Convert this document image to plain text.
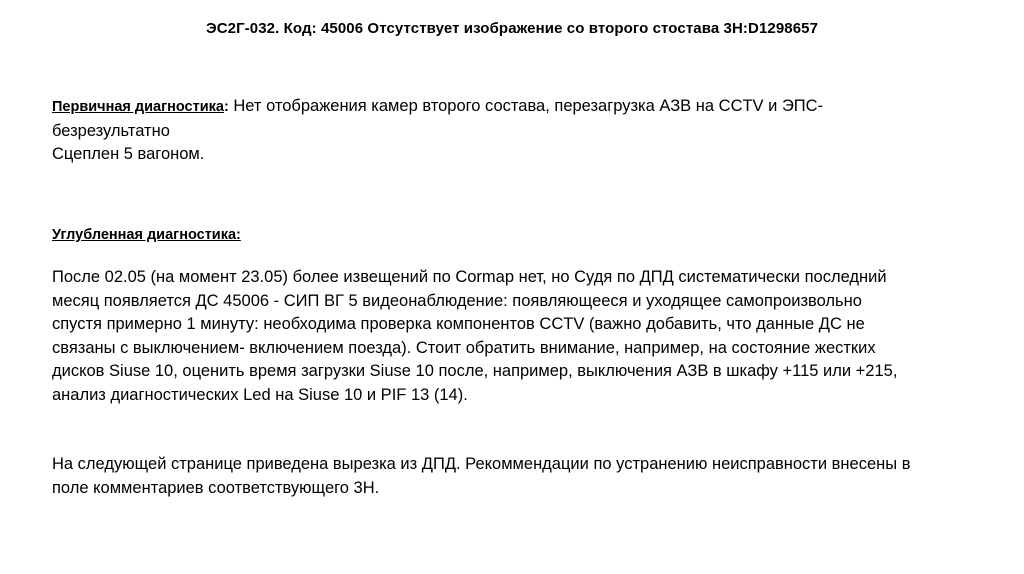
ЭС2Г-032. Код: 45006 Отсутствует изображение со второго стостава 3Н:D1298657

Первичная диагностика: Нет отображения камер второго состава, перезагрузка АЗВ на CCTV и ЭПС- безрезультатно

Сцеплен 5 вагоном.

Углубленная диагностика:

После 02.05 (на момент 23.05) более извещений по Cormap нет, но Судя по ДПД систематически последний месяц появляется ДС 45006 - СИП ВГ 5 видеонаблюдение: появляющееся и уходящее самопроизвольно спустя примерно 1 минуту: необходима проверка компонентов CCTV (важно добавить, что данные ДС не связаны с выключением- включением поезда). Стоит обратить внимание, например, на состояние жестких дисков Siuse 10, оценить время загрузки Siuse 10 после, например, выключения АЗВ в шкафу +115 или +215, анализ диагностических Led на Siuse 10 и PIF 13 (14).

На следующей странице приведена вырезка из ДПД. Рекоммендации по устранению неисправности внесены в поле комментариев соответствующего 3Н.
